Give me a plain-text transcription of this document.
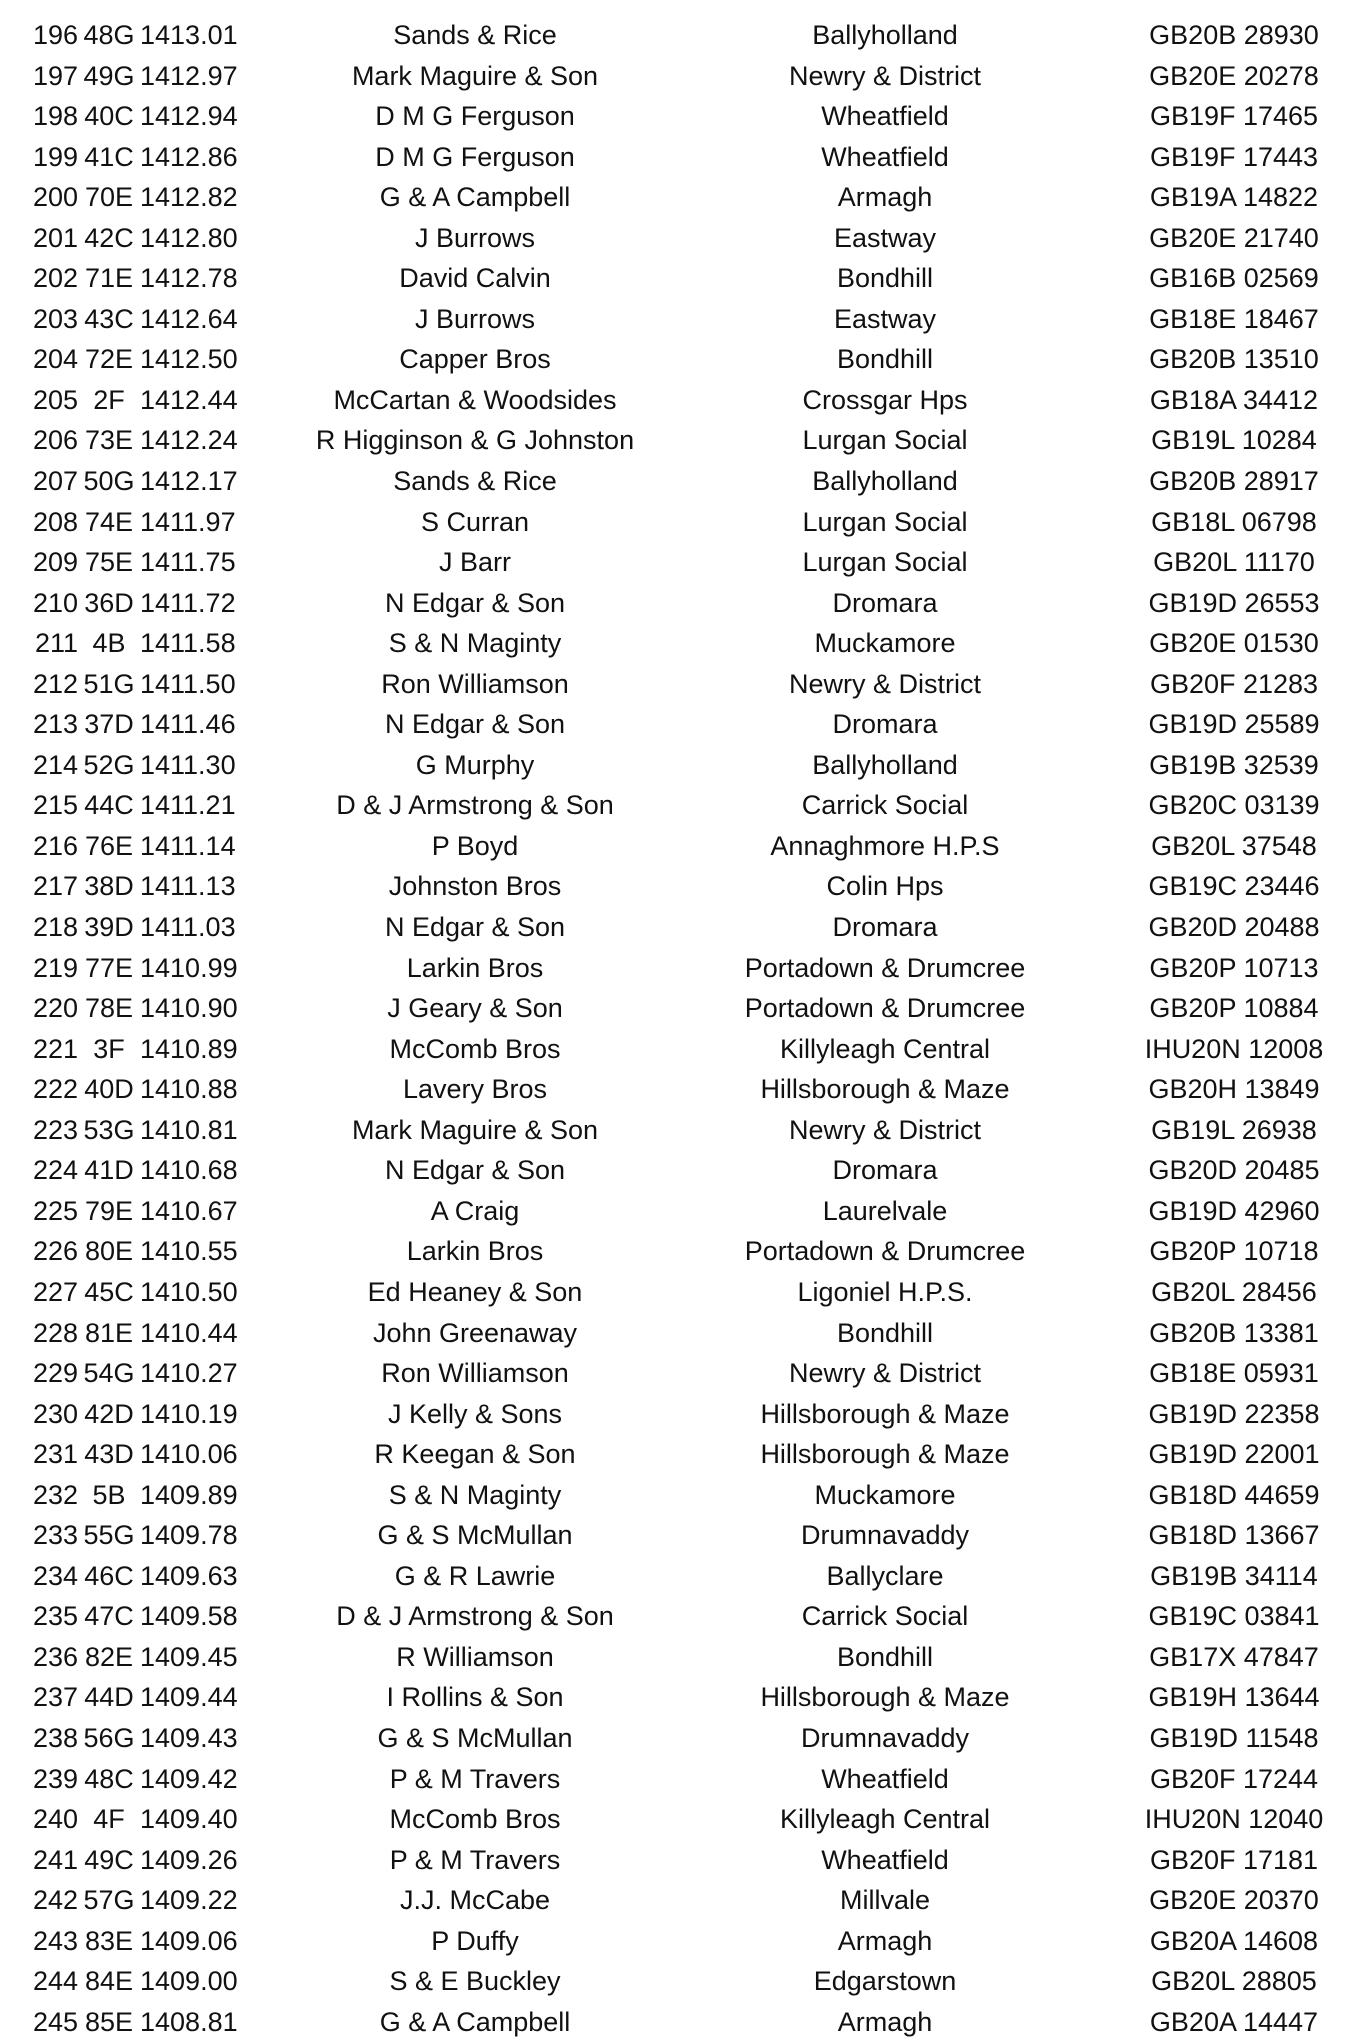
196	48G	1413.01	Sands & Rice	Ballyholland	GB20B 28930
197	49G	1412.97	Mark Maguire & Son	Newry & District	GB20E 20278
198	40C	1412.94	D M G Ferguson	Wheatfield	GB19F 17465
199	41C	1412.86	D M G Ferguson	Wheatfield	GB19F 17443
200	70E	1412.82	G & A Campbell	Armagh	GB19A 14822
201	42C	1412.80	J Burrows	Eastway	GB20E 21740
202	71E	1412.78	David Calvin	Bondhill	GB16B 02569
203	43C	1412.64	J Burrows	Eastway	GB18E 18467
204	72E	1412.50	Capper Bros	Bondhill	GB20B 13510
205	2F	1412.44	McCartan & Woodsides	Crossgar Hps	GB18A 34412
206	73E	1412.24	R Higginson & G Johnston	Lurgan Social	GB19L 10284
207	50G	1412.17	Sands & Rice	Ballyholland	GB20B 28917
208	74E	1411.97	S Curran	Lurgan Social	GB18L 06798
209	75E	1411.75	J Barr	Lurgan Social	GB20L 11170
210	36D	1411.72	N Edgar & Son	Dromara	GB19D 26553
211	4B	1411.58	S & N Maginty	Muckamore	GB20E 01530
212	51G	1411.50	Ron Williamson	Newry & District	GB20F 21283
213	37D	1411.46	N Edgar & Son	Dromara	GB19D 25589
214	52G	1411.30	G Murphy	Ballyholland	GB19B 32539
215	44C	1411.21	D & J Armstrong & Son	Carrick Social	GB20C 03139
216	76E	1411.14	P Boyd	Annaghmore H.P.S	GB20L 37548
217	38D	1411.13	Johnston Bros	Colin Hps	GB19C 23446
218	39D	1411.03	N Edgar & Son	Dromara	GB20D 20488
219	77E	1410.99	Larkin Bros	Portadown & Drumcree	GB20P 10713
220	78E	1410.90	J Geary & Son	Portadown & Drumcree	GB20P 10884
221	3F	1410.89	McComb Bros	Killyleagh Central	IHU20N 12008
222	40D	1410.88	Lavery Bros	Hillsborough & Maze	GB20H 13849
223	53G	1410.81	Mark Maguire & Son	Newry & District	GB19L 26938
224	41D	1410.68	N Edgar & Son	Dromara	GB20D 20485
225	79E	1410.67	A Craig	Laurelvale	GB19D 42960
226	80E	1410.55	Larkin Bros	Portadown & Drumcree	GB20P 10718
227	45C	1410.50	Ed Heaney & Son	Ligoniel H.P.S.	GB20L 28456
228	81E	1410.44	John Greenaway	Bondhill	GB20B 13381
229	54G	1410.27	Ron Williamson	Newry & District	GB18E 05931
230	42D	1410.19	J Kelly & Sons	Hillsborough & Maze	GB19D 22358
231	43D	1410.06	R Keegan & Son	Hillsborough & Maze	GB19D 22001
232	5B	1409.89	S & N Maginty	Muckamore	GB18D 44659
233	55G	1409.78	G & S McMullan	Drumnavaddy	GB18D 13667
234	46C	1409.63	G & R Lawrie	Ballyclare	GB19B 34114
235	47C	1409.58	D & J Armstrong & Son	Carrick Social	GB19C 03841
236	82E	1409.45	R Williamson	Bondhill	GB17X 47847
237	44D	1409.44	I Rollins & Son	Hillsborough & Maze	GB19H 13644
238	56G	1409.43	G & S McMullan	Drumnavaddy	GB19D 11548
239	48C	1409.42	P & M Travers	Wheatfield	GB20F 17244
240	4F	1409.40	McComb Bros	Killyleagh Central	IHU20N 12040
241	49C	1409.26	P & M Travers	Wheatfield	GB20F 17181
242	57G	1409.22	J.J. McCabe	Millvale	GB20E 20370
243	83E	1409.06	P Duffy	Armagh	GB20A 14608
244	84E	1409.00	S & E Buckley	Edgarstown	GB20L 28805
245	85E	1408.81	G & A Campbell	Armagh	GB20A 14447
